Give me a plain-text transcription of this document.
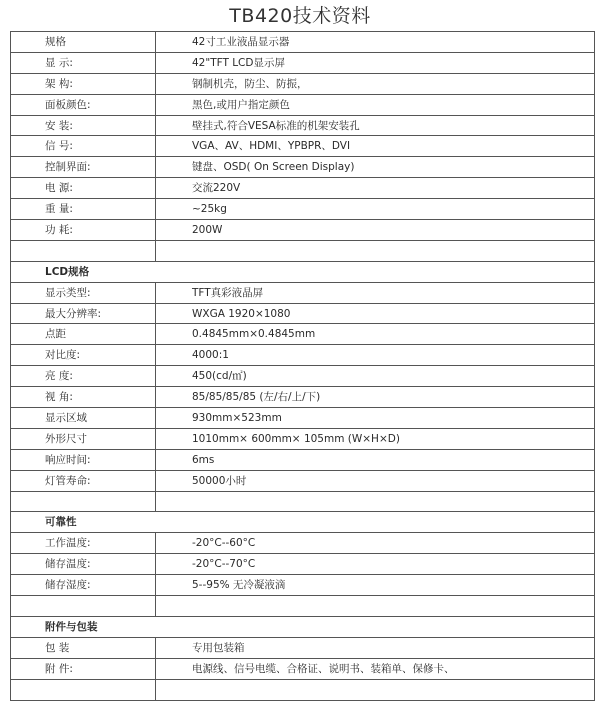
TB420技术资料
规格	42寸工业液晶显示器
显 示:	42"TFT LCD显示屏
架 构:	钢制机壳，防尘、防振，
面板颜色:	黑色,或用户指定颜色
安 装:	壁挂式,符合VESA标准的机架安装孔
信 号:	VGA、AV、HDMI、YPBPR、DVI
控制界面:	键盘、OSD( On Screen Display)
电 源:	交流220V
重 量:	~25kg
功 耗:	200W
LCD规格
显示类型:	TFT真彩液晶屏
最大分辨率:	WXGA 1920×1080
点距	0.4845mm×0.4845mm
对比度:	4000:1
亮 度:	450(cd/㎡)
视 角:	85/85/85/85 (左/右/上/下)
显示区域	930mm×523mm
外形尺寸	1010mm× 600mm× 105mm (W×H×D)
响应时间:	6ms
灯管寿命:	50000小时
可靠性
工作温度:	-20°C--60°C
储存温度:	-20°C--70°C
储存湿度:	5--95% 无冷凝液滴
附件与包装
包 装	专用包装箱
附 件:	电源线、信号电缆、合格证、说明书、装箱单、保修卡、
